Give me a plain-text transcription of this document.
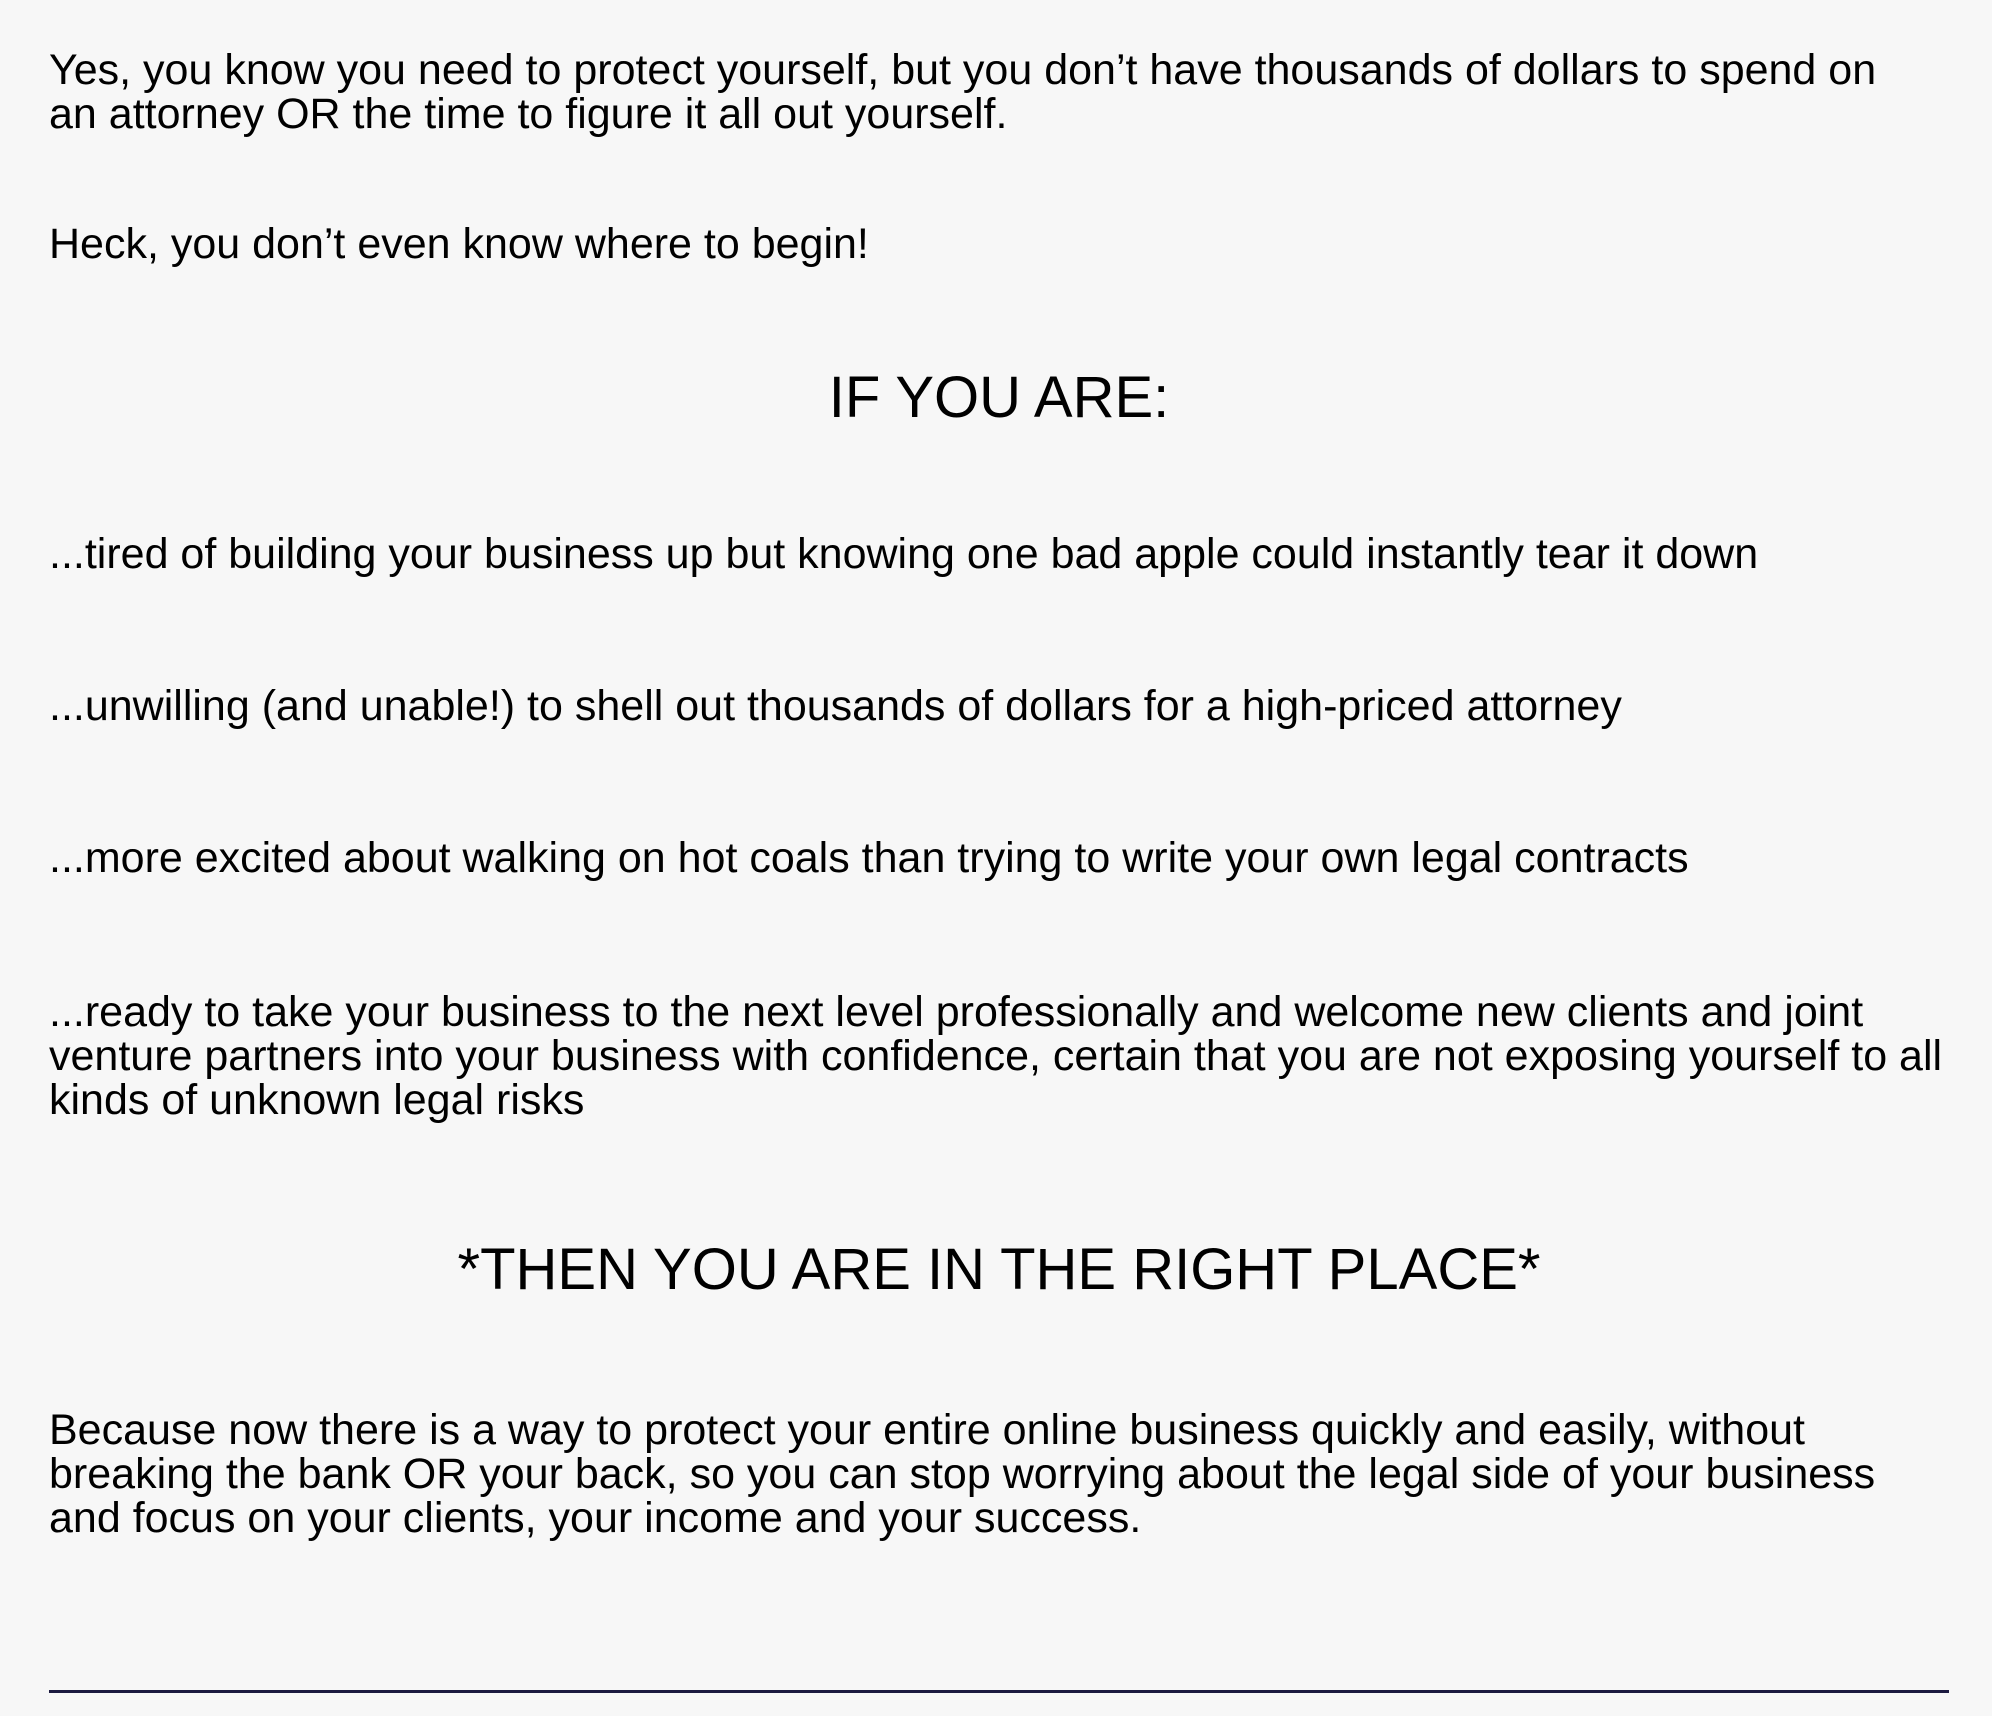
Yes, you know you need to protect yourself, but you don’t have thousands of dollars to spend on an attorney OR the time to figure it all out yourself.

Heck, you don’t even know where to begin!

IF YOU ARE:

...tired of building your business up but knowing one bad apple could instantly tear it down

...unwilling (and unable!) to shell out thousands of dollars for a high-priced attorney

...more excited about walking on hot coals than trying to write your own legal contracts

...ready to take your business to the next level professionally and welcome new clients and joint venture partners into your business with confidence, certain that you are not exposing yourself to all kinds of unknown legal risks

*THEN YOU ARE IN THE RIGHT PLACE*

Because now there is a way to protect your entire online business quickly and easily, without breaking the bank OR your back, so you can stop worrying about the legal side of your business and focus on your clients, your income and your success.
